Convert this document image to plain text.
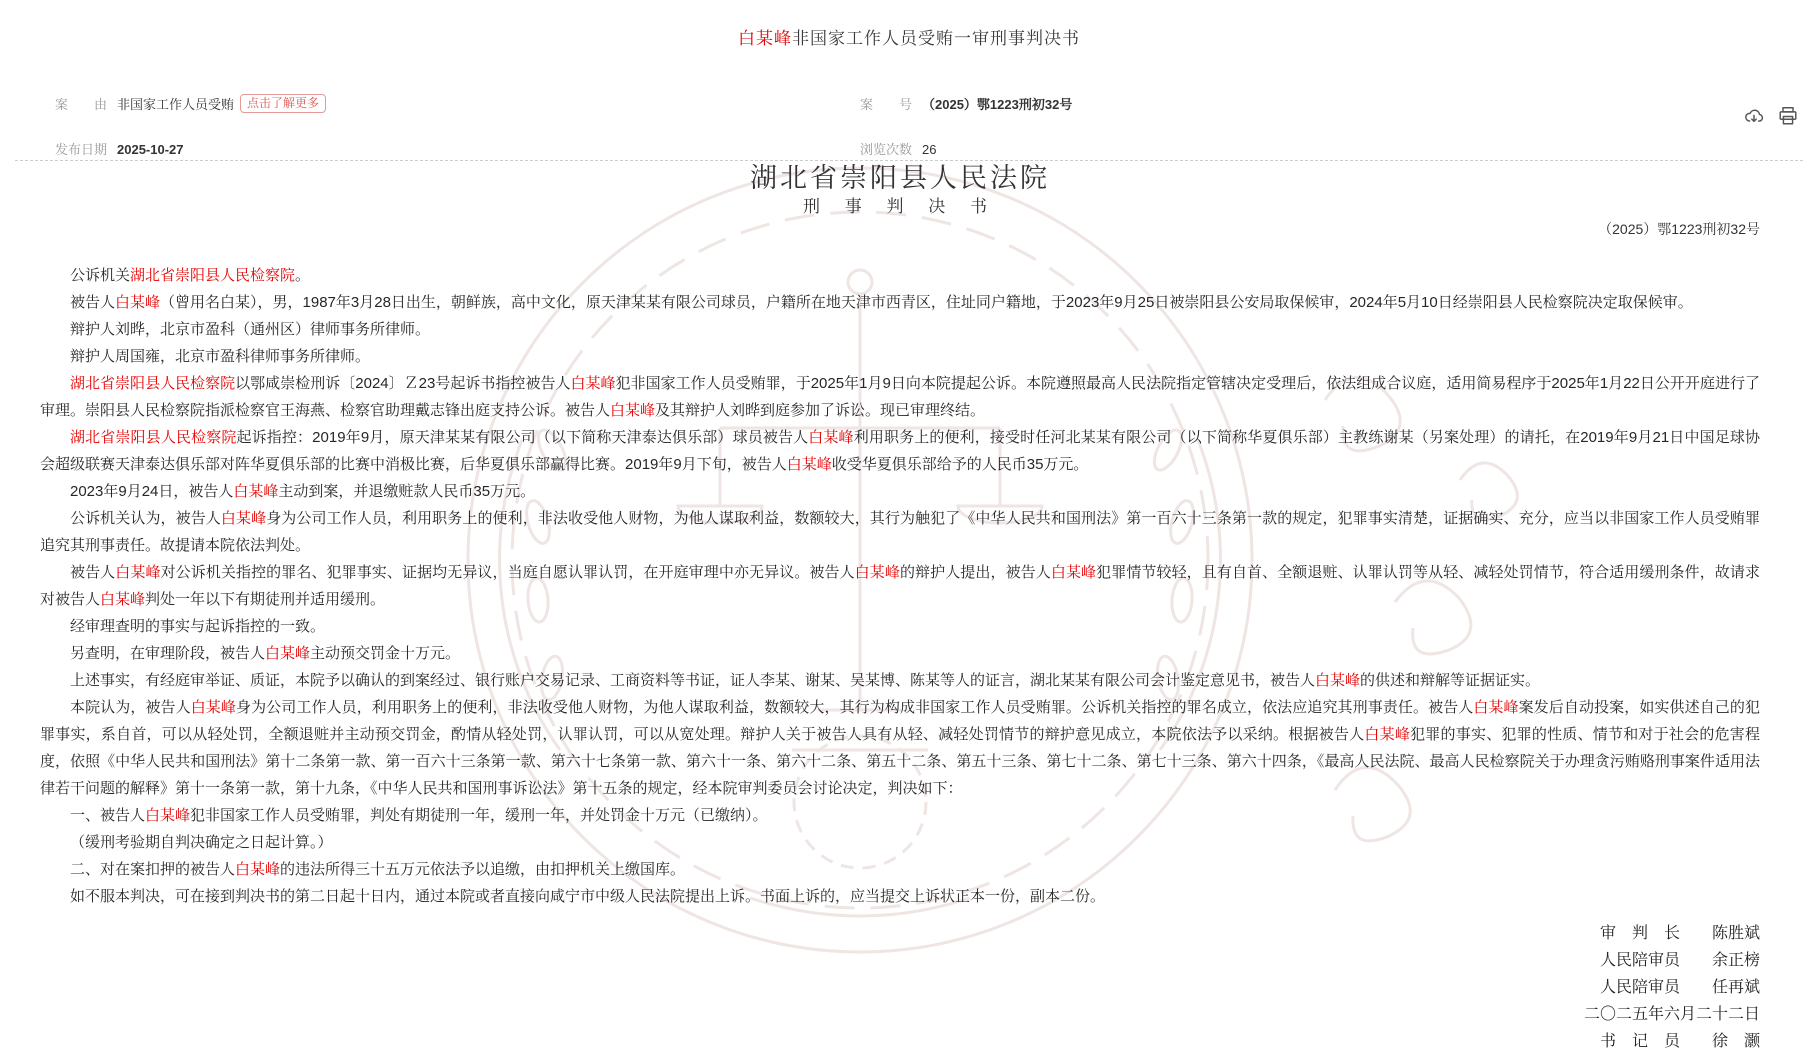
白某峰非国家工作人员受贿一审刑事判决书
案　　由 非国家工作人员受贿 点击了解更多	案　　号 （2025）鄂1223刑初32号
发布日期 2025-10-27	浏览次数 26
湖北省崇阳县人民法院
刑 事 判 决 书
（2025）鄂1223刑初32号

公诉机关湖北省崇阳县人民检察院。

被告人白某峰（曾用名白某），男，1987年3月28日出生，朝鲜族，高中文化，原天津某某有限公司球员，户籍所在地天津市西青区，住址同户籍地，于2023年9月25日被崇阳县公安局取保候审，2024年5月10日经崇阳县人民检察院决定取保候审。

辩护人刘晔，北京市盈科（通州区）律师事务所律师。

辩护人周国雍，北京市盈科律师事务所律师。

湖北省崇阳县人民检察院以鄂咸崇检刑诉〔2024〕Ｚ23号起诉书指控被告人白某峰犯非国家工作人员受贿罪，于2025年1月9日向本院提起公诉。本院遵照最高人民法院指定管辖决定受理后，依法组成合议庭，适用简易程序于2025年1月22日公开开庭进行了审理。崇阳县人民检察院指派检察官王海燕、检察官助理戴志锋出庭支持公诉。被告人白某峰及其辩护人刘晔到庭参加了诉讼。现已审理终结。

湖北省崇阳县人民检察院起诉指控：2019年9月，原天津某某有限公司（以下简称天津泰达俱乐部）球员被告人白某峰利用职务上的便利，接受时任河北某某有限公司（以下简称华夏俱乐部）主教练谢某（另案处理）的请托，在2019年9月21日中国足球协会超级联赛天津泰达俱乐部对阵华夏俱乐部的比赛中消极比赛，后华夏俱乐部赢得比赛。2019年9月下旬，被告人白某峰收受华夏俱乐部给予的人民币35万元。

2023年9月24日，被告人白某峰主动到案，并退缴赃款人民币35万元。

公诉机关认为，被告人白某峰身为公司工作人员，利用职务上的便利，非法收受他人财物，为他人谋取利益，数额较大，其行为触犯了《中华人民共和国刑法》第一百六十三条第一款的规定，犯罪事实清楚，证据确实、充分，应当以非国家工作人员受贿罪追究其刑事责任。故提请本院依法判处。

被告人白某峰对公诉机关指控的罪名、犯罪事实、证据均无异议，当庭自愿认罪认罚，在开庭审理中亦无异议。被告人白某峰的辩护人提出，被告人白某峰犯罪情节较轻，且有自首、全额退赃、认罪认罚等从轻、减轻处罚情节，符合适用缓刑条件，故请求对被告人白某峰判处一年以下有期徒刑并适用缓刑。

经审理查明的事实与起诉指控的一致。

另查明，在审理阶段，被告人白某峰主动预交罚金十万元。

上述事实，有经庭审举证、质证，本院予以确认的到案经过、银行账户交易记录、工商资料等书证，证人李某、谢某、吴某博、陈某等人的证言，湖北某某有限公司会计鉴定意见书，被告人白某峰的供述和辩解等证据证实。

本院认为，被告人白某峰身为公司工作人员，利用职务上的便利，非法收受他人财物，为他人谋取利益，数额较大，其行为构成非国家工作人员受贿罪。公诉机关指控的罪名成立，依法应追究其刑事责任。被告人白某峰案发后自动投案，如实供述自己的犯罪事实，系自首，可以从轻处罚，全额退赃并主动预交罚金，酌情从轻处罚，认罪认罚，可以从宽处理。辩护人关于被告人具有从轻、减轻处罚情节的辩护意见成立，本院依法予以采纳。根据被告人白某峰犯罪的事实、犯罪的性质、情节和对于社会的危害程度，依照《中华人民共和国刑法》第十二条第一款、第一百六十三条第一款、第六十七条第一款、第六十一条、第六十二条、第五十二条、第五十三条、第七十二条、第七十三条、第六十四条，《最高人民法院、最高人民检察院关于办理贪污贿赂刑事案件适用法律若干问题的解释》第十一条第一款，第十九条，《中华人民共和国刑事诉讼法》第十五条的规定，经本院审判委员会讨论决定，判决如下：

一、被告人白某峰犯非国家工作人员受贿罪，判处有期徒刑一年，缓刑一年，并处罚金十万元（已缴纳）。

（缓刑考验期自判决确定之日起计算。）

二、对在案扣押的被告人白某峰的违法所得三十五万元依法予以追缴，由扣押机关上缴国库。

如不服本判决，可在接到判决书的第二日起十日内，通过本院或者直接向咸宁市中级人民法院提出上诉。书面上诉的，应当提交上诉状正本一份，副本二份。

审　判　长　　 陈胜斌
人民陪审员　　 余正榜
人民陪审员　　 任再斌
二〇二五年六月二十二日
书　记　员　　 徐　灏
